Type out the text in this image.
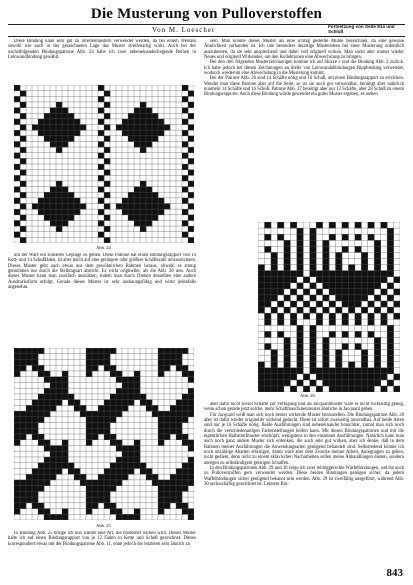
Die Musterung von Pulloverstoffen
Von M. Loescher	Fortsetzung von Seite 814 und Schluß

Diese Bindung kann sehr gut zu Streifenmustern verwendet werden, da bei einem Wenden sowohl wie auch in der gezeichneten Lage das Muster streifenartig wirkt. Auch bei der nachstfolgenden Bindungspatrone Abb. 24 habe ich zwei nebeneinanderliegende Reihen in Leinwandbindung gewählt.

Abb. 24

um der Ware ein solideres Gepräge zu geben. Diese Patrone hat einen Bindungsrapport von 14 Kett- und 14 Schußfäden, ist aber leicht auf eine geringere oder größere Schäftezahl umzuzeichnen. Dieses Muster geht auch etwas aus dem gewöhnlichen Rahmen heraus, obwohl es streng genommen nur durch die Stellungsart absticht. Es wirkt origineller, als die Abb. 20 usw. Auch dieses Muster kann man zweifach ausnützen, indem man durch Drehen desselben eine andere Ausdrucksform erfolgt. Gerade dieses Muster ist sehr ausbaungsfähig und wirkt jedenfalls angenehm.

Abb. 25

In Bindung Abb. 25 bringe ich nun wieder eine Art, die moderner wirken wird. Dieses Muster halte ich auf einen Bindungsrapport von je 12 Fäden in Kette und Schuß gezeichnet. Dieses korrespondiert etwas mit der Bindungspatrone Abb. 11, ohne jedoch der letzteren sehr ähnlich zu

sein. Man könnte dieses Muster als eine schräg gestellte Mühle bezeichnen, da eine gewisse Ähnlichkeit vorhanden ist. Ich rate besonders derartige Musterideen bei einer Musterung ordentlich auszubeuten, da sie sehr ansprechend und dabei voll originell wirken. Man sucht aber immer wieder Neues und originell Wirkendes, um den Kollektionen eine Abwechslung zu bringen.

Bei den drei folgenden Musterzeichnungen komme ich auf Skizze c und die Bindung Abb. 2 zurück. Ich habe jedoch bei diesen Zeichnungen an Stelle von Leinwandabbindungen Rippbindung verwendet, wodurch wiederum eine Abwechslung in die Musterung kommt.

Bei der Patrone Abb. 26 sind 14 Schäfte nötig und 16 Schuß, um einen Bindungsrapport zu erreichen. Wendet man diese Patrone aber auf die Seite, so ist sie auch gut verwendbar, benötigt aber natürlich nunmehr 14 Schäfte und 16 Schuß. Patrone Abb. 27 benötigt aber nur 12 Schäfte, aber 28 Schuß zu einem Bindungsrapporte. Auch diese Bindung würde gewendet ein gutes Muster ergeben, es stehen

Abb. 26

aber dafür nicht soviel Schäfte zur Verfügung und als Jacquardmuster wäre es nicht rückläufig genug, wenn schon gerade jetzt solche, mehr Schaftmaschinenmuster ähnliche in Jacquard gehen.

Für Jacquard weiß man sich noch besser wirkende Muster herzustellen. Die Bindungspatrone Abb. 28 aber ist dafür wieder origineller wirkend gedacht. Diese ist sofort zweiseitig anwendbar. Auf beide Arten sind nur je 16 Schäfte nötig. Beide Ausführungen sind nebeneinander brauchbar, zumal man sich noch durch die verschiedenartigen Farbenstellungen helfen kann. Mit diesen Bindungspatronen und mit die eigentlichen Halbstreifmuster erschöpft, wenigstens in den einzelnen Ausführungen. Natürlich kann man auch noch ganz andere Muster sich erdenken, die auch sehr gut wirken, aber ich denke, daß in dem Rahmen meiner Ausführungen die Anwendungsarten genügend behandelt sind. Selbstredend könnte ich noch unzählige Abarten erbringen, damit wäre aber dem Zwecke meiner Arbeit, Anregungen zu geben, nicht gedient, denn nicht zu einem sklavischen Nacharbeiten sollen meine Abhandlungen dienen, sondern anregen zu selbständigem geistigen Schaffen.

In den Bindungspatronen Abb. 29 und 30 zeige ich zwei rehbiggerechte Wärfelbindungen, welche auch zu Pulloverstoffen gern verwendet werden. Diese beiden Bindungen genügen sicher, da jedem Waffelbindungen sicher genügend bekannt sein werden. Abb. 29 ist zweifältig ausgeführt, während Abb. 30 sechsschäftig gezeichnet ist. Letztere Bin-

843
